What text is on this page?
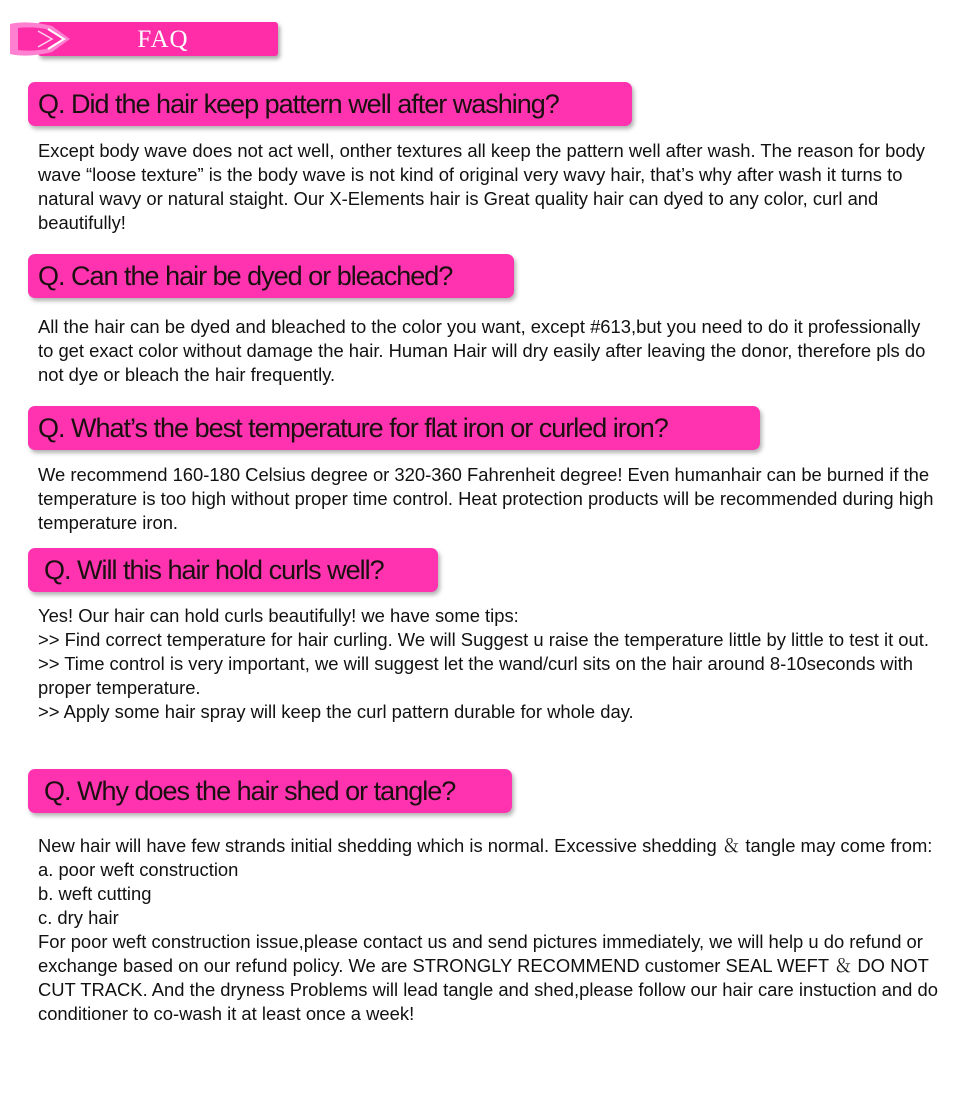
FAQ
Q. Did the hair keep pattern well after washing?

Except body wave does not act well, onther textures all keep the pattern well after wash. The reason for body wave “loose texture” is the body wave is not kind of original very wavy hair, that’s why after wash it turns to natural wavy or natural staight. Our X-Elements hair is Great quality hair can dyed to any color, curl and beautifully!

Q. Can the hair be dyed or bleached?

All the hair can be dyed and bleached to the color you want, except #613,but you need to do it professionally to get exact color without damage the hair. Human Hair will dry easily after leaving the donor, therefore pls do not dye or bleach the hair frequently.

Q. What’s the best temperature for flat iron or curled iron?

We recommend 160-180 Celsius degree or 320-360 Fahrenheit degree! Even humanhair can be burned if the temperature is too high without proper time control. Heat protection products will be recommended during high temperature iron.

Q. Will this hair hold curls well?

Yes! Our hair can hold curls beautifully! we have some tips:

>> Find correct temperature for hair curling. We will Suggest u raise the temperature little by little to test it out.

>> Time control is very important, we will suggest let the wand/curl sits on the hair around 8-10seconds with proper temperature.

>> Apply some hair spray will keep the curl pattern durable for whole day.

Q. Why does the hair shed or tangle?

New hair will have few strands initial shedding which is normal. Excessive shedding ＆ tangle may come from:

a. poor weft construction

b. weft cutting

c. dry hair

For poor weft construction issue,please contact us and send pictures immediately, we will help u do refund or exchange based on our refund policy. We are STRONGLY RECOMMEND customer SEAL WEFT ＆ DO NOT CUT TRACK. And the dryness Problems will lead tangle and shed,please follow our hair care instuction and do conditioner to co-wash it at least once a week!
